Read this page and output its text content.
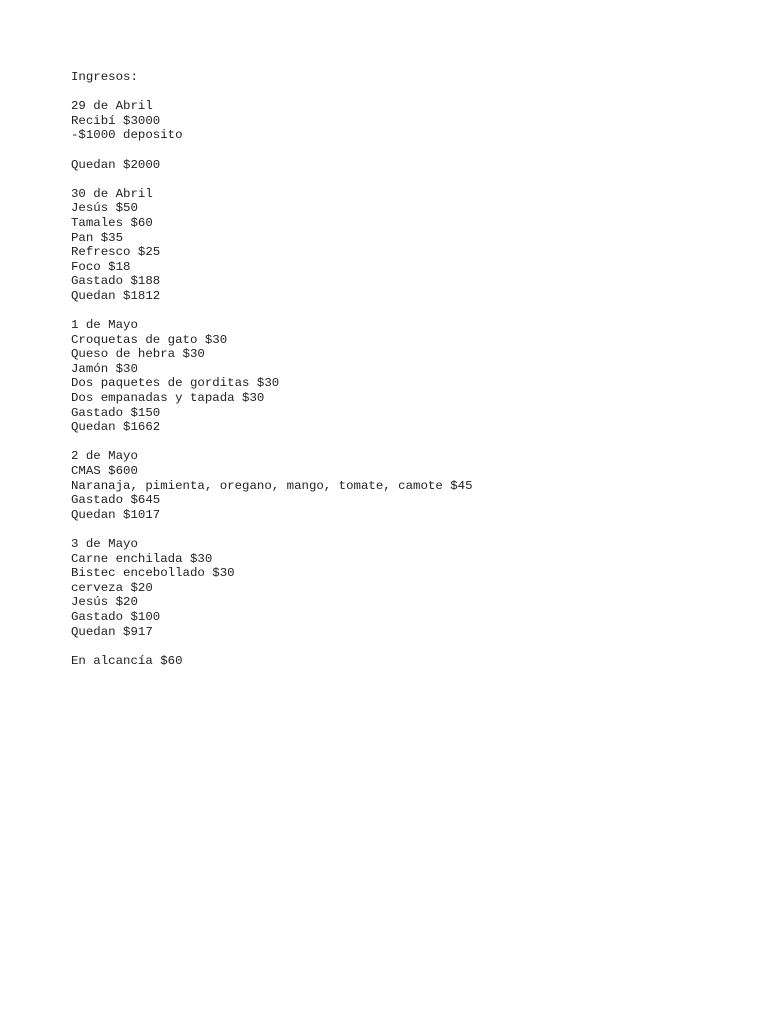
Ingresos:
29 de Abril
Recibí $3000
-$1000 deposito
Quedan $2000
30 de Abril
Jesús $50
Tamales $60
Pan $35
Refresco $25
Foco $18
Gastado $188
Quedan $1812
1 de Mayo
Croquetas de gato $30
Queso de hebra $30
Jamón $30
Dos paquetes de gorditas $30
Dos empanadas y tapada $30
Gastado $150
Quedan $1662
2 de Mayo
CMAS $600
Naranaja, pimienta, oregano, mango, tomate, camote $45
Gastado $645
Quedan $1017
3 de Mayo
Carne enchilada $30
Bistec encebollado $30
cerveza $20
Jesús $20
Gastado $100
Quedan $917
En alcancía $60
